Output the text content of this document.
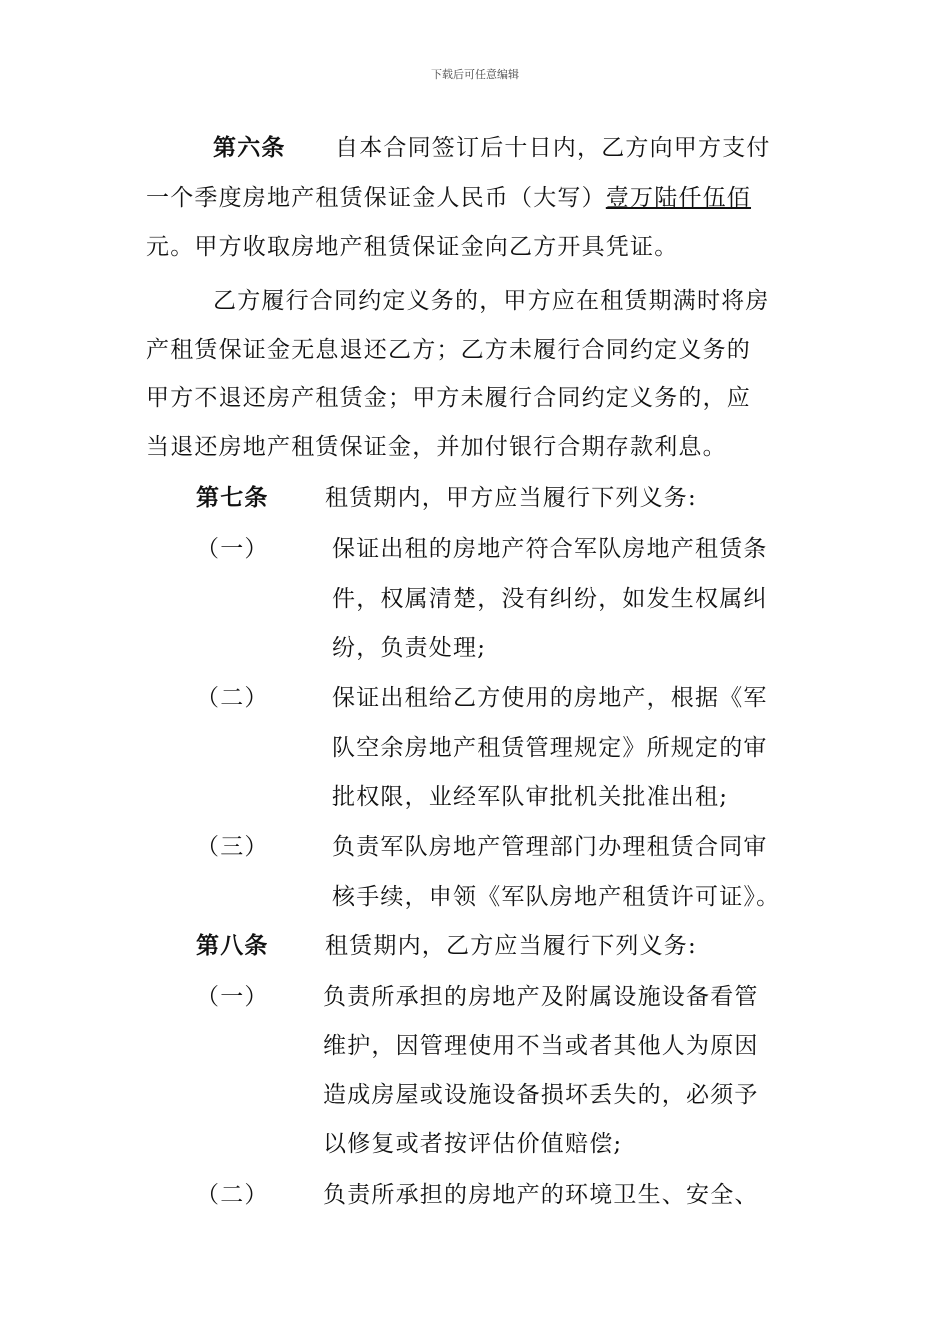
下载后可任意编辑
第六条 自本合同签订后十日内，乙方向甲方支付
一个季度房地产租赁保证金人民币（大写）壹万陆仟伍佰
元。甲方收取房地产租赁保证金向乙方开具凭证。
乙方履行合同约定义务的，甲方应在租赁期满时将房
产租赁保证金无息退还乙方；乙方未履行合同约定义务的
甲方不退还房产租赁金；甲方未履行合同约定义务的，应
当退还房地产租赁保证金，并加付银行合期存款利息。
第七条 租赁期内，甲方应当履行下列义务:
（一）	保证出租的房地产符合军队房地产租赁条
件，权属清楚，没有纠纷，如发生权属纠
纷，负责处理;
（二）	保证出租给乙方使用的房地产，根据《军
队空余房地产租赁管理规定》所规定的审
批权限，业经军队审批机关批准出租;
（三）	负责军队房地产管理部门办理租赁合同审
核手续，申领《军队房地产租赁许可证》。
第八条 租赁期内，乙方应当履行下列义务:
（一） 负责所承担的房地产及附属设施设备看管
维护，因管理使用不当或者其他人为原因
造成房屋或设施设备损坏丢失的，必须予
以修复或者按评估价值赔偿;
（二） 负责所承担的房地产的环境卫生、安全、
